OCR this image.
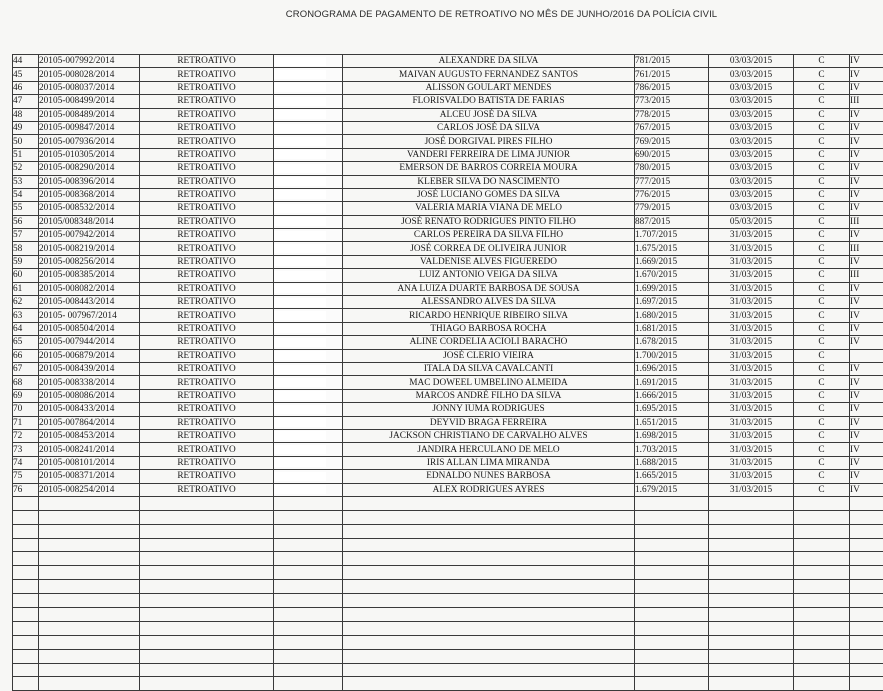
CRONOGRAMA DE PAGAMENTO DE RETROATIVO NO MÊS DE JUNHO/2016 DA POLÍCIA CIVIL
44	20105-007992/2014	RETROATIVO		ALEXANDRE DA SILVA	781/2015	03/03/2015	C	IV
45	20105-008028/2014	RETROATIVO		MAIVAN AUGUSTO FERNANDEZ SANTOS	761/2015	03/03/2015	C	IV
46	20105-008037/2014	RETROATIVO		ALISSON GOULART MENDES	786/2015	03/03/2015	C	IV
47	20105-008499/2014	RETROATIVO		FLORISVALDO BATISTA DE FARIAS	773/2015	03/03/2015	C	III
48	20105-008489/2014	RETROATIVO		ALCEU JOSÉ DA SILVA	778/2015	03/03/2015	C	IV
49	20105-009847/2014	RETROATIVO		CARLOS JOSÉ DA SILVA	767/2015	03/03/2015	C	IV
50	20105-007936/2014	RETROATIVO		JOSÉ DORGIVAL PIRES FILHO	769/2015	03/03/2015	C	IV
51	20105-010305/2014	RETROATIVO		VANDERI FERREIRA DE LIMA JUNIOR	690/2015	03/03/2015	C	IV
52	20105-008290/2014	RETROATIVO		EMERSON DE BARROS CORREIA MOURA	780/2015	03/03/2015	C	IV
53	20105-008396/2014	RETROATIVO		KLEBER SILVA DO NASCIMENTO	777/2015	03/03/2015	C	IV
54	20105-008368/2014	RETROATIVO		JOSÉ LUCIANO GOMES DA SILVA	776/2015	03/03/2015	C	IV
55	20105-008532/2014	RETROATIVO		VALERIA MARIA VIANA DE MELO	779/2015	03/03/2015	C	IV
56	20105/008348/2014	RETROATIVO		JOSÉ RENATO RODRIGUES PINTO FILHO	887/2015	05/03/2015	C	III
57	20105-007942/2014	RETROATIVO		CARLOS PEREIRA DA SILVA FILHO	1.707/2015	31/03/2015	C	IV
58	20105-008219/2014	RETROATIVO		JOSÉ CORREA DE OLIVEIRA JUNIOR	1.675/2015	31/03/2015	C	III
59	20105-008256/2014	RETROATIVO		VALDENISE ALVES FIGUEREDO	1.669/2015	31/03/2015	C	IV
60	20105-008385/2014	RETROATIVO		LUIZ ANTONIO VEIGA DA SILVA	1.670/2015	31/03/2015	C	III
61	20105-008082/2014	RETROATIVO		ANA LUIZA DUARTE BARBOSA DE SOUSA	1.699/2015	31/03/2015	C	IV
62	20105-008443/2014	RETROATIVO		ALESSANDRO ALVES DA SILVA	1.697/2015	31/03/2015	C	IV
63	20105- 007967/2014	RETROATIVO		RICARDO HENRIQUE RIBEIRO SILVA	1.680/2015	31/03/2015	C	IV
64	20105-008504/2014	RETROATIVO		THIAGO BARBOSA ROCHA	1.681/2015	31/03/2015	C	IV
65	20105-007944/2014	RETROATIVO		ALINE CORDELIA ACIOLI BARACHO	1.678/2015	31/03/2015	C	IV
66	20105-006879/2014	RETROATIVO		JOSÉ CLERIO VIEIRA	1.700/2015	31/03/2015	C	
67	20105-008439/2014	RETROATIVO		ITALA DA SILVA CAVALCANTI	1.696/2015	31/03/2015	C	IV
68	20105-008338/2014	RETROATIVO		MAC DOWEEL UMBELINO ALMEIDA	1.691/2015	31/03/2015	C	IV
69	20105-008086/2014	RETROATIVO		MARCOS ANDRÉ FILHO DA SILVA	1.666/2015	31/03/2015	C	IV
70	20105-008433/2014	RETROATIVO		JONNY IUMA RODRIGUES	1.695/2015	31/03/2015	C	IV
71	20105-007864/2014	RETROATIVO		DEYVID BRAGA FERREIRA	1.651/2015	31/03/2015	C	IV
72	20105-008453/2014	RETROATIVO		JACKSON CHRISTIANO DE CARVALHO ALVES	1.698/2015	31/03/2015	C	IV
73	20105-008241/2014	RETROATIVO		JANDIRA HERCULANO DE MELO	1.703/2015	31/03/2015	C	IV
74	20105-008101/2014	RETROATIVO		IRIS ALLAN LIMA MIRANDA	1.688/2015	31/03/2015	C	IV
75	20105-008371/2014	RETROATIVO		EDNALDO NUNES BARBOSA	1.665/2015	31/03/2015	C	IV
76	20105-008254/2014	RETROATIVO		ALEX RODRIGUES AYRES	1.679/2015	31/03/2015	C	IV
